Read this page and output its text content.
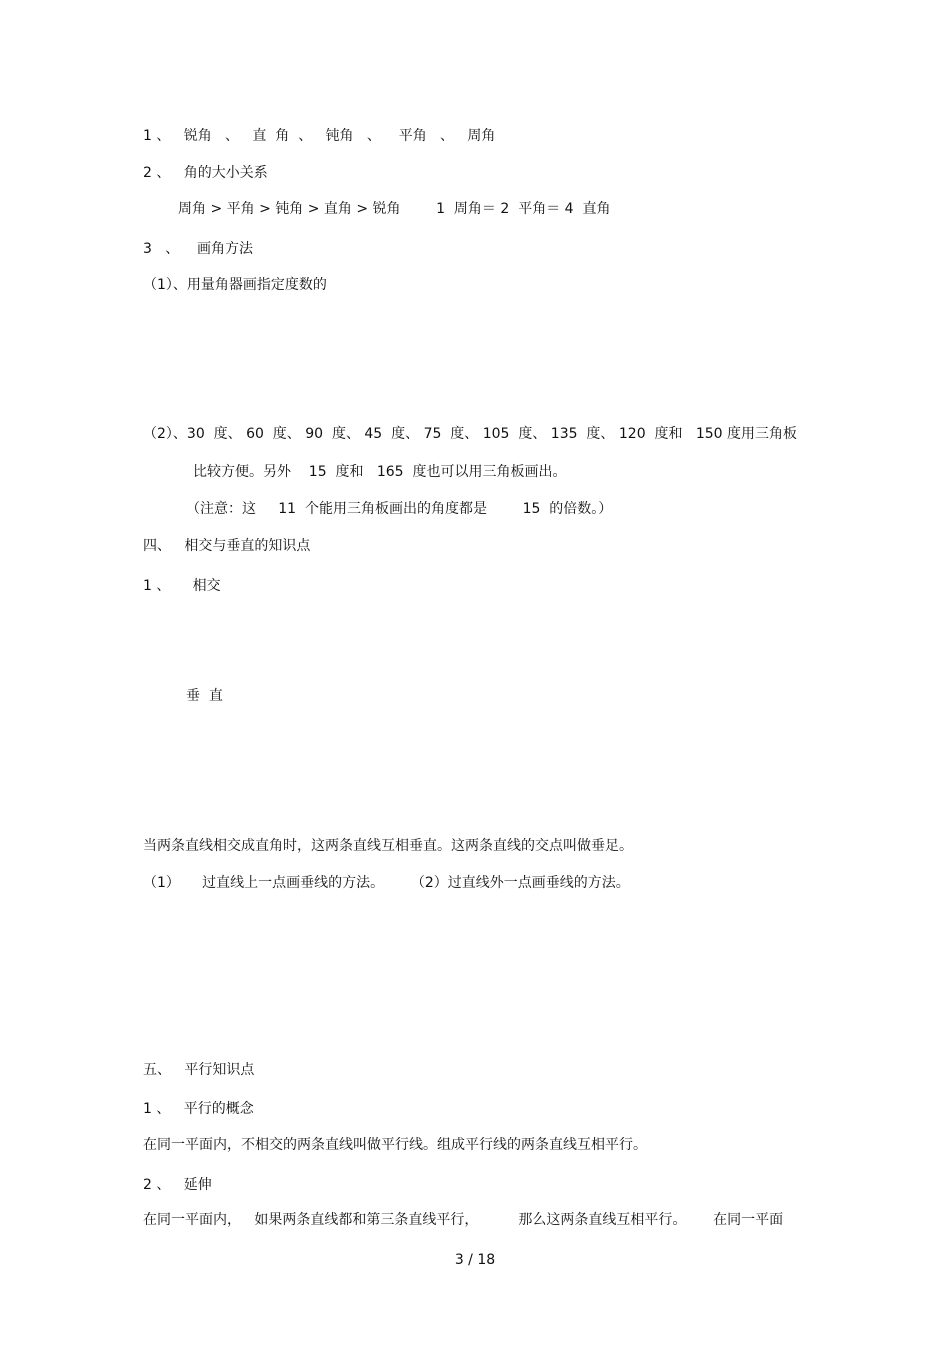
1 、   锐角   、   直  角  、   钝角   、    平角   、   周角
2 、   角的大小关系
周角 > 平角 > 钝角 > 直角 > 锐角        1  周角＝ 2  平角＝ 4  直角
3   、    画角方法
（1）、用量角器画指定度数的
（2）、30  度、 60  度、 90  度、 45  度、 75  度、 105  度、 135  度、 120  度和   150 度用三角板
比较方便。另外    15  度和   165  度也可以用三角板画出。
（注意：这     11  个能用三角板画出的角度都是        15  的倍数。）
四、   相交与垂直的知识点
1 、     相交
垂  直
当两条直线相交成直角时，这两条直线互相垂直。这两条直线的交点叫做垂足。
（1）     过直线上一点画垂线的方法。      （2）过直线外一点画垂线的方法。
五、   平行知识点
1 、   平行的概念
在同一平面内，不相交的两条直线叫做平行线。组成平行线的两条直线互相平行。
2 、   延伸
在同一平面内，   如果两条直线都和第三条直线平行，         那么这两条直线互相平行。      在同一平面
3 / 18
